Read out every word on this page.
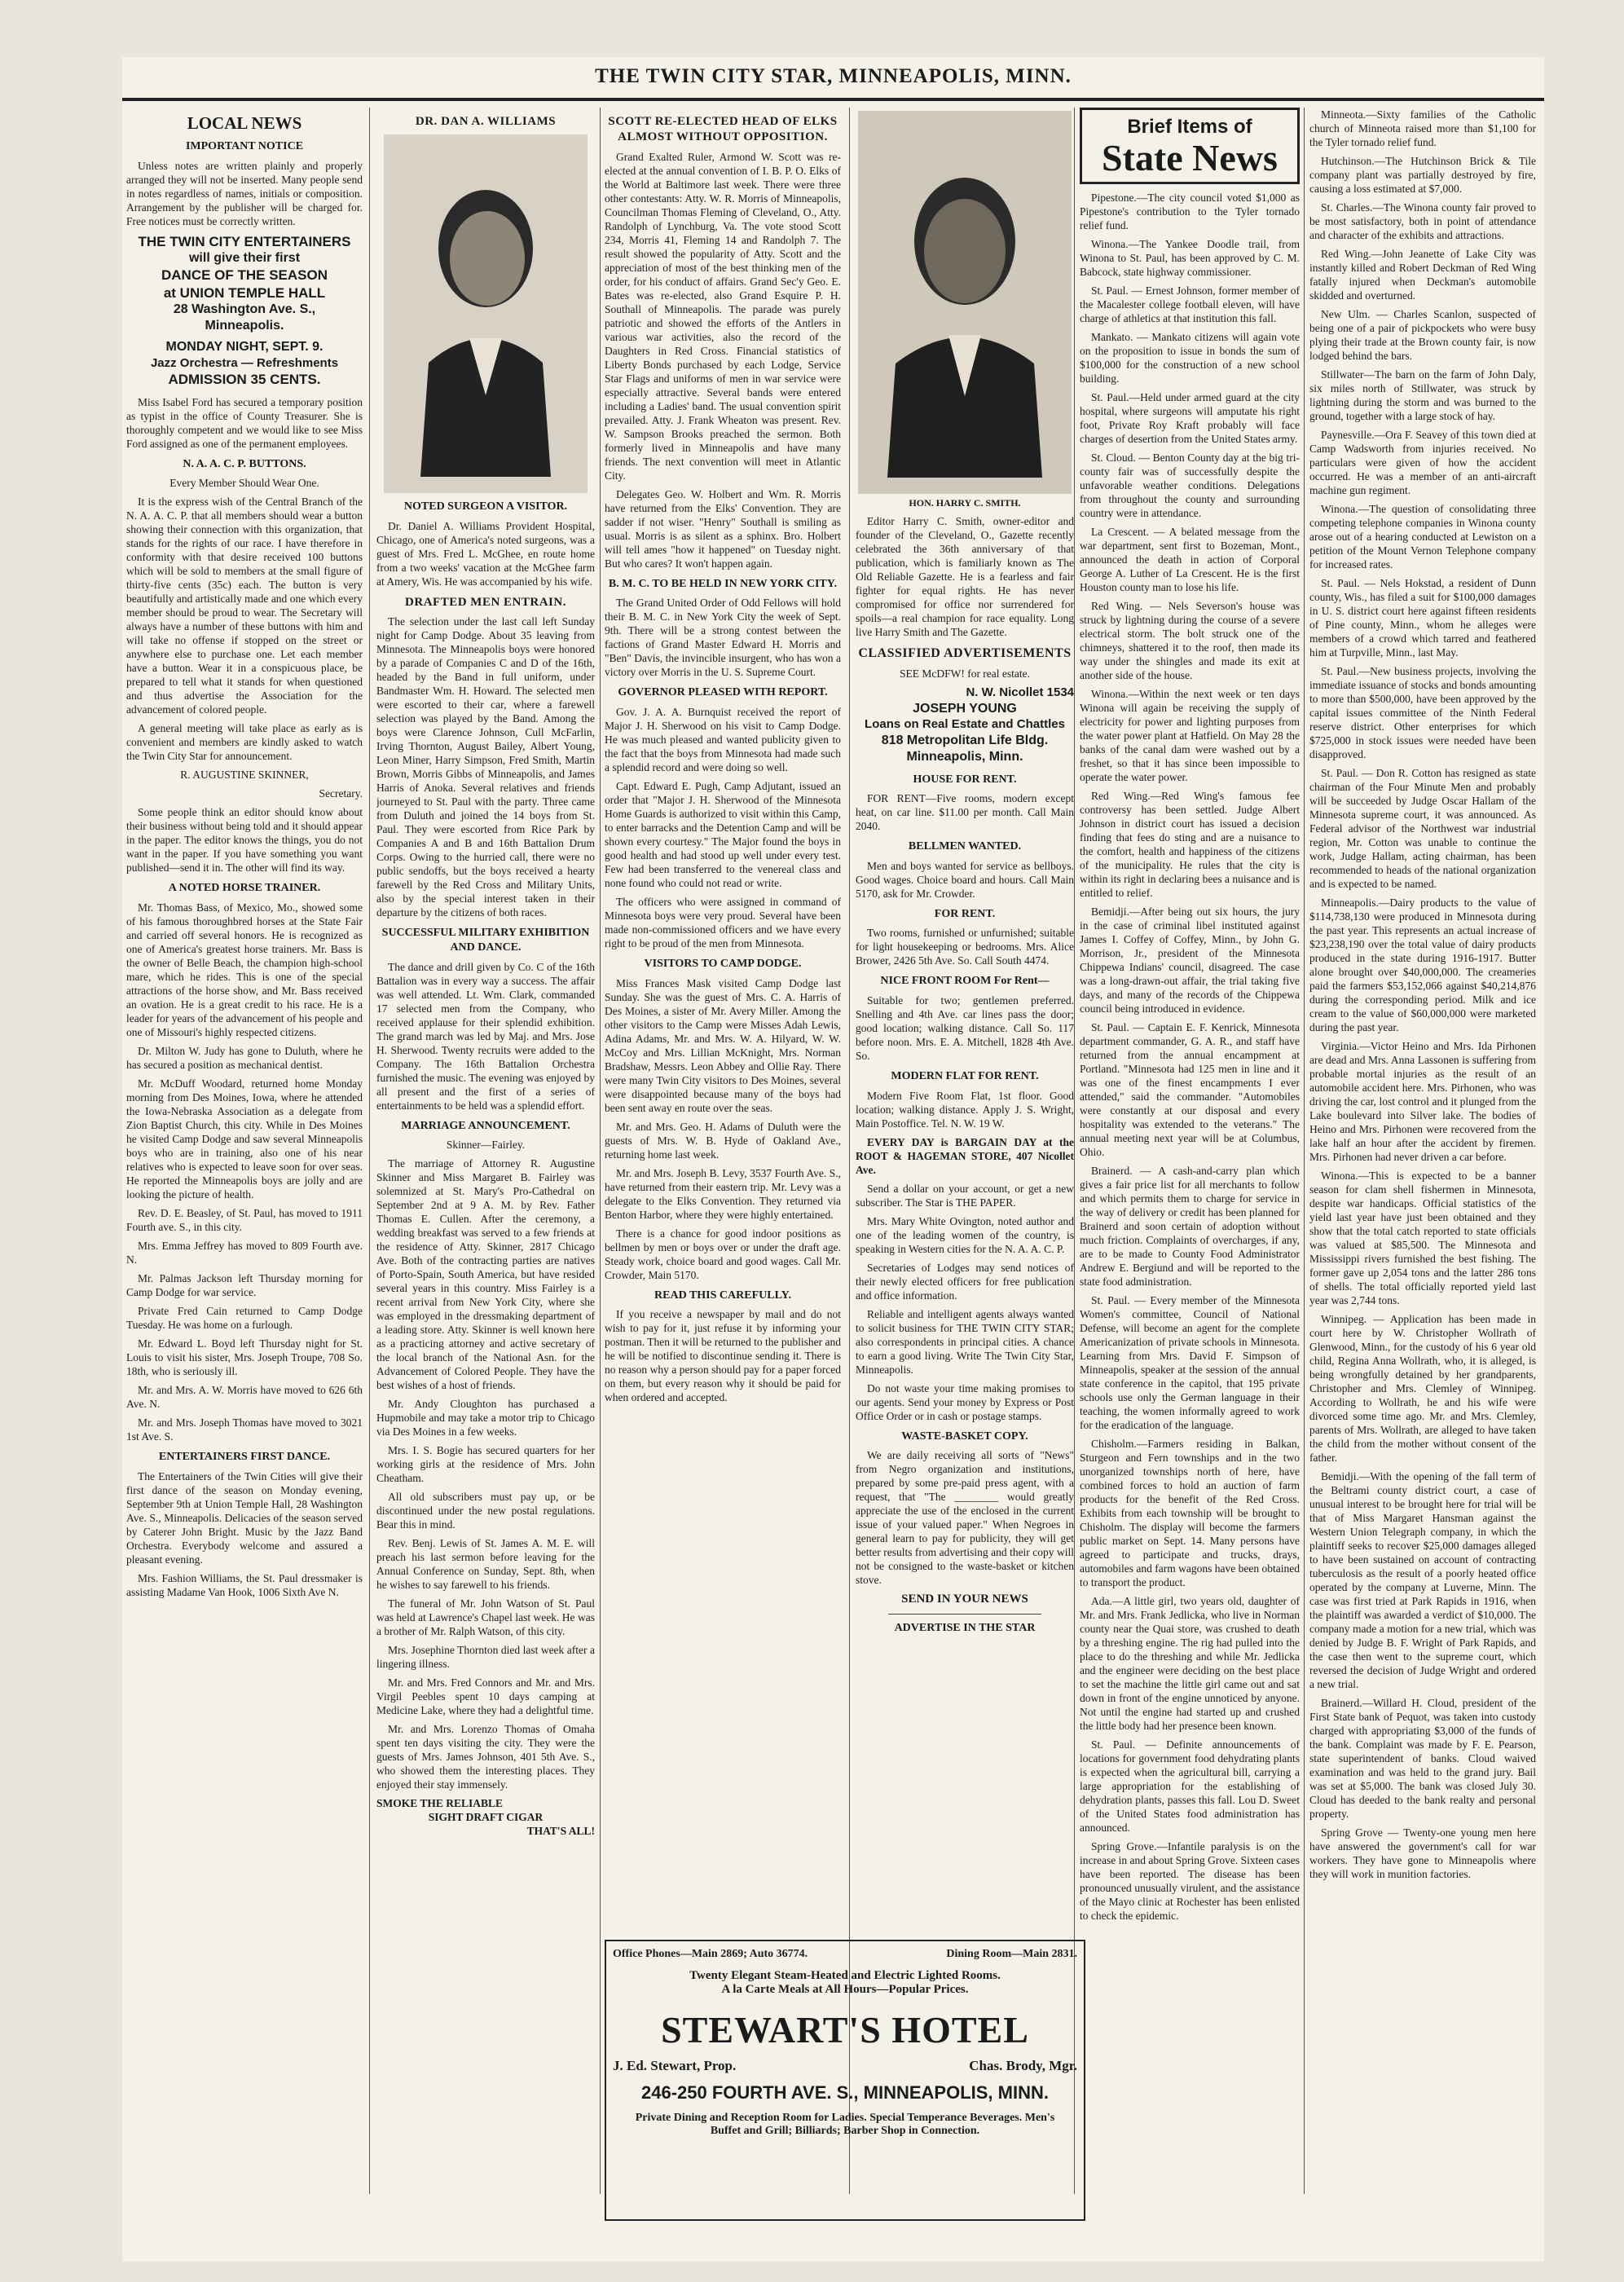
THE TWIN CITY STAR, MINNEAPOLIS, MINN.
LOCAL NEWS
IMPORTANT NOTICE

Unless notes are written plainly and properly arranged they will not be inserted. Many people send in notes regardless of names, initials or composition. Arrangement by the publisher will be charged for. Free notices must be correctly written.

THE TWIN CITY ENTERTAINERS
will give their first
DANCE OF THE SEASON
at UNION TEMPLE HALL
28 Washington Ave. S.,
Minneapolis.
MONDAY NIGHT, SEPT. 9.
Jazz Orchestra — Refreshments
ADMISSION 35 CENTS.

Miss Isabel Ford has secured a temporary position as typist in the office of County Treasurer. She is thoroughly competent and we would like to see Miss Ford assigned as one of the permanent employees.

N. A. A. C. P. BUTTONS.

Every Member Should Wear One.

It is the express wish of the Central Branch of the N. A. A. C. P. that all members should wear a button showing their connection with this organization, that stands for the rights of our race. I have therefore in conformity with that desire received 100 buttons which will be sold to members at the small figure of thirty-five cents (35c) each. The button is very beautifully and artistically made and one which every member should be proud to wear. The Secretary will always have a number of these buttons with him and will take no offense if stopped on the street or anywhere else to purchase one. Let each member have a button. Wear it in a conspicuous place, be prepared to tell what it stands for when questioned and thus advertise the Association for the advancement of colored people.

A general meeting will take place as early as is convenient and members are kindly asked to watch the Twin City Star for announcement.

R. AUGUSTINE SKINNER,

Secretary.

Some people think an editor should know about their business without being told and it should appear in the paper. The editor knows the things, you do not want in the paper. If you have something you want published—send it in. The other will find its way.

A NOTED HORSE TRAINER.

Mr. Thomas Bass, of Mexico, Mo., showed some of his famous thoroughbred horses at the State Fair and carried off several honors. He is recognized as one of America's greatest horse trainers. Mr. Bass is the owner of Belle Beach, the champion high-school mare, which he rides. This is one of the special attractions of the horse show, and Mr. Bass received an ovation. He is a great credit to his race. He is a leader for years of the advancement of his people and one of Missouri's highly respected citizens.

Dr. Milton W. Judy has gone to Duluth, where he has secured a position as mechanical dentist.

Mr. McDuff Woodard, returned home Monday morning from Des Moines, Iowa, where he attended the Iowa-Nebraska Association as a delegate from Zion Baptist Church, this city. While in Des Moines he visited Camp Dodge and saw several Minneapolis boys who are in training, also one of his near relatives who is expected to leave soon for over seas. He reported the Minneapolis boys are jolly and are looking the picture of health.

Rev. D. E. Beasley, of St. Paul, has moved to 1911 Fourth ave. S., in this city.

Mrs. Emma Jeffrey has moved to 809 Fourth ave. N.

Mr. Palmas Jackson left Thursday morning for Camp Dodge for war service.

Private Fred Cain returned to Camp Dodge Tuesday. He was home on a furlough.

Mr. Edward L. Boyd left Thursday night for St. Louis to visit his sister, Mrs. Joseph Troupe, 708 So. 18th, who is seriously ill.

Mr. and Mrs. A. W. Morris have moved to 626 6th Ave. N.

Mr. and Mrs. Joseph Thomas have moved to 3021 1st Ave. S.

ENTERTAINERS FIRST DANCE.

The Entertainers of the Twin Cities will give their first dance of the season on Monday evening, September 9th at Union Temple Hall, 28 Washington Ave. S., Minneapolis. Delicacies of the season served by Caterer John Bright. Music by the Jazz Band Orchestra. Everybody welcome and assured a pleasant evening.

Mrs. Fashion Williams, the St. Paul dressmaker is assisting Madame Van Hook, 1006 Sixth Ave N.

DR. DAN A. WILLIAMS
NOTED SURGEON A VISITOR.

Dr. Daniel A. Williams Provident Hospital, Chicago, one of America's noted surgeons, was a guest of Mrs. Fred L. McGhee, en route home from a two weeks' vacation at the McGhee farm at Amery, Wis. He was accompanied by his wife.

DRAFTED MEN ENTRAIN.

The selection under the last call left Sunday night for Camp Dodge. About 35 leaving from Minnesota. The Minneapolis boys were honored by a parade of Companies C and D of the 16th, headed by the Band in full uniform, under Bandmaster Wm. H. Howard. The selected men were escorted to their car, where a farewell selection was played by the Band. Among the boys were Clarence Johnson, Cull McFarlin, Irving Thornton, August Bailey, Albert Young, Leon Miner, Harry Simpson, Fred Smith, Martin Brown, Morris Gibbs of Minneapolis, and James Harris of Anoka. Several relatives and friends journeyed to St. Paul with the party. Three came from Duluth and joined the 14 boys from St. Paul. They were escorted from Rice Park by Companies A and B and 16th Battalion Drum Corps. Owing to the hurried call, there were no public sendoffs, but the boys received a hearty farewell by the Red Cross and Military Units, also by the special interest taken in their departure by the citizens of both races.

SUCCESSFUL MILITARY EXHIBITION AND DANCE.

The dance and drill given by Co. C of the 16th Battalion was in every way a success. The affair was well attended. Lt. Wm. Clark, commanded 17 selected men from the Company, who received applause for their splendid exhibition. The grand march was led by Maj. and Mrs. Jose H. Sherwood. Twenty recruits were added to the Company. The 16th Battalion Orchestra furnished the music. The evening was enjoyed by all present and the first of a series of entertainments to be held was a splendid effort.

MARRIAGE ANNOUNCEMENT.

Skinner—Fairley.

The marriage of Attorney R. Augustine Skinner and Miss Margaret B. Fairley was solemnized at St. Mary's Pro-Cathedral on September 2nd at 9 A. M. by Rev. Father Thomas E. Cullen. After the ceremony, a wedding breakfast was served to a few friends at the residence of Atty. Skinner, 2817 Chicago Ave. Both of the contracting parties are natives of Porto-Spain, South America, but have resided several years in this country. Miss Fairley is a recent arrival from New York City, where she was employed in the dressmaking department of a leading store. Atty. Skinner is well known here as a practicing attorney and active secretary of the local branch of the National Asn. for the Advancement of Colored People. They have the best wishes of a host of friends.

Mr. Andy Cloughton has purchased a Hupmobile and may take a motor trip to Chicago via Des Moines in a few weeks.

Mrs. I. S. Bogie has secured quarters for her working girls at the residence of Mrs. John Cheatham.

All old subscribers must pay up, or be discontinued under the new postal regulations. Bear this in mind.

Rev. Benj. Lewis of St. James A. M. E. will preach his last sermon before leaving for the Annual Conference on Sunday, Sept. 8th, when he wishes to say farewell to his friends.

The funeral of Mr. John Watson of St. Paul was held at Lawrence's Chapel last week. He was a brother of Mr. Ralph Watson, of this city.

Mrs. Josephine Thornton died last week after a lingering illness.

Mr. and Mrs. Fred Connors and Mr. and Mrs. Virgil Peebles spent 10 days camping at Medicine Lake, where they had a delightful time.

Mr. and Mrs. Lorenzo Thomas of Omaha spent ten days visiting the city. They were the guests of Mrs. James Johnson, 401 5th Ave. S., who showed them the interesting places. They enjoyed their stay immensely.

SMOKE THE RELIABLE
SIGHT DRAFT CIGAR
THAT'S ALL!
SCOTT RE-ELECTED HEAD OF ELKS ALMOST WITHOUT OPPOSITION.

Grand Exalted Ruler, Armond W. Scott was re-elected at the annual convention of I. B. P. O. Elks of the World at Baltimore last week. There were three other contestants: Atty. W. R. Morris of Minneapolis, Councilman Thomas Fleming of Cleveland, O., Atty. Randolph of Lynchburg, Va. The vote stood Scott 234, Morris 41, Fleming 14 and Randolph 7. The result showed the popularity of Atty. Scott and the appreciation of most of the best thinking men of the order, for his conduct of affairs. Grand Sec'y Geo. E. Bates was re-elected, also Grand Esquire P. H. Southall of Minneapolis. The parade was purely patriotic and showed the efforts of the Antlers in various war activities, also the record of the Daughters in Red Cross. Financial statistics of Liberty Bonds purchased by each Lodge, Service Star Flags and uniforms of men in war service were especially attractive. Several bands were entered including a Ladies' band. The usual convention spirit prevailed. Atty. J. Frank Wheaton was present. Rev. W. Sampson Brooks preached the sermon. Both formerly lived in Minneapolis and have many friends. The next convention will meet in Atlantic City.

Delegates Geo. W. Holbert and Wm. R. Morris have returned from the Elks' Convention. They are sadder if not wiser. "Henry" Southall is smiling as usual. Morris is as silent as a sphinx. Bro. Holbert will tell ames "how it happened" on Tuesday night. But who cares? It won't happen again.

B. M. C. TO BE HELD IN NEW YORK CITY.

The Grand United Order of Odd Fellows will hold their B. M. C. in New York City the week of Sept. 9th. There will be a strong contest between the factions of Grand Master Edward H. Morris and "Ben" Davis, the invincible insurgent, who has won a victory over Morris in the U. S. Supreme Court.

GOVERNOR PLEASED WITH REPORT.

Gov. J. A. A. Burnquist received the report of Major J. H. Sherwood on his visit to Camp Dodge. He was much pleased and wanted publicity given to the fact that the boys from Minnesota had made such a splendid record and were doing so well.

Capt. Edward E. Pugh, Camp Adjutant, issued an order that "Major J. H. Sherwood of the Minnesota Home Guards is authorized to visit within this Camp, to enter barracks and the Detention Camp and will be shown every courtesy." The Major found the boys in good health and had stood up well under every test. Few had been transferred to the venereal class and none found who could not read or write.

The officers who were assigned in command of Minnesota boys were very proud. Several have been made non-commissioned officers and we have every right to be proud of the men from Minnesota.

VISITORS TO CAMP DODGE.

Miss Frances Mask visited Camp Dodge last Sunday. She was the guest of Mrs. C. A. Harris of Des Moines, a sister of Mr. Avery Miller. Among the other visitors to the Camp were Misses Adah Lewis, Adina Adams, Mr. and Mrs. W. A. Hilyard, W. W. McCoy and Mrs. Lillian McKnight, Mrs. Norman Bradshaw, Messrs. Leon Abbey and Ollie Ray. There were many Twin City visitors to Des Moines, several were disappointed because many of the boys had been sent away en route over the seas.

Mr. and Mrs. Geo. H. Adams of Duluth were the guests of Mrs. W. B. Hyde of Oakland Ave., returning home last week.

Mr. and Mrs. Joseph B. Levy, 3537 Fourth Ave. S., have returned from their eastern trip. Mr. Levy was a delegate to the Elks Convention. They returned via Benton Harbor, where they were highly entertained.

There is a chance for good indoor positions as bellmen by men or boys over or under the draft age. Steady work, choice board and good wages. Call Mr. Crowder, Main 5170.

READ THIS CAREFULLY.

If you receive a newspaper by mail and do not wish to pay for it, just refuse it by informing your postman. Then it will be returned to the publisher and he will be notified to discontinue sending it. There is no reason why a person should pay for a paper forced on them, but every reason why it should be paid for when ordered and accepted.

HON. HARRY C. SMITH.

Editor Harry C. Smith, owner-editor and founder of the Cleveland, O., Gazette recently celebrated the 36th anniversary of that publication, which is familiarly known as The Old Reliable Gazette. He is a fearless and fair fighter for equal rights. He has never compromised for office nor surrendered for spoils—a real champion for race equality. Long live Harry Smith and The Gazette.

CLASSIFIED ADVERTISEMENTS

SEE McDFW! for real estate.

N. W. Nicollet 1534
JOSEPH YOUNG
Loans on Real Estate and Chattles
818 Metropolitan Life Bldg.
Minneapolis, Minn.
HOUSE FOR RENT.

FOR RENT—Five rooms, modern except heat, on car line. $11.00 per month. Call Main 2040.

BELLMEN WANTED.

Men and boys wanted for service as bellboys. Good wages. Choice board and hours. Call Main 5170, ask for Mr. Crowder.

FOR RENT.

Two rooms, furnished or unfurnished; suitable for light housekeeping or bedrooms. Mrs. Alice Brower, 2426 5th Ave. So. Call South 4474.

NICE FRONT ROOM For Rent—

Suitable for two; gentlemen preferred. Snelling and 4th Ave. car lines pass the door; good location; walking distance. Call So. 117 before noon. Mrs. E. A. Mitchell, 1828 4th Ave. So.

MODERN FLAT FOR RENT.

Modern Five Room Flat, 1st floor. Good location; walking distance. Apply J. S. Wright, Main Postoffice. Tel. N. W. 19 W.

EVERY DAY is BARGAIN DAY at the ROOT & HAGEMAN STORE, 407 Nicollet Ave.

Send a dollar on your account, or get a new subscriber. The Star is THE PAPER.

Mrs. Mary White Ovington, noted author and one of the leading women of the country, is speaking in Western cities for the N. A. A. C. P.

Secretaries of Lodges may send notices of their newly elected officers for free publication and office information.

Reliable and intelligent agents always wanted to solicit business for THE TWIN CITY STAR; also correspondents in principal cities. A chance to earn a good living. Write The Twin City Star, Minneapolis.

Do not waste your time making promises to our agents. Send your money by Express or Post Office Order or in cash or postage stamps.

WASTE-BASKET COPY.

We are daily receiving all sorts of "News" from Negro organization and institutions, prepared by some pre-paid press agent, with a request, that "The ________ would greatly appreciate the use of the enclosed in the current issue of your valued paper." When Negroes in general learn to pay for publicity, they will get better results from advertising and their copy will not be consigned to the waste-basket or kitchen stove.

SEND IN YOUR NEWS
ADVERTISE IN THE STAR
Brief Items of
State News

Pipestone.—The city council voted $1,000 as Pipestone's contribution to the Tyler tornado relief fund.

Winona.—The Yankee Doodle trail, from Winona to St. Paul, has been approved by C. M. Babcock, state highway commissioner.

St. Paul. — Ernest Johnson, former member of the Macalester college football eleven, will have charge of athletics at that institution this fall.

Mankato. — Mankato citizens will again vote on the proposition to issue in bonds the sum of $100,000 for the construction of a new school building.

St. Paul.—Held under armed guard at the city hospital, where surgeons will amputate his right foot, Private Roy Kraft probably will face charges of desertion from the United States army.

St. Cloud. — Benton County day at the big tri-county fair was of successfully despite the unfavorable weather conditions. Delegations from throughout the county and surrounding country were in attendance.

La Crescent. — A belated message from the war department, sent first to Bozeman, Mont., announced the death in action of Corporal George A. Luther of La Crescent. He is the first Houston county man to lose his life.

Red Wing. — Nels Severson's house was struck by lightning during the course of a severe electrical storm. The bolt struck one of the chimneys, shattered it to the roof, then made its way under the shingles and made its exit at another side of the house.

Winona.—Within the next week or ten days Winona will again be receiving the supply of electricity for power and lighting purposes from the water power plant at Hatfield. On May 28 the banks of the canal dam were washed out by a freshet, so that it has since been impossible to operate the water power.

Red Wing.—Red Wing's famous fee controversy has been settled. Judge Albert Johnson in district court has issued a decision finding that fees do sting and are a nuisance to the comfort, health and happiness of the citizens of the municipality. He rules that the city is within its right in declaring bees a nuisance and is entitled to relief.

Bemidji.—After being out six hours, the jury in the case of criminal libel instituted against James I. Coffey of Coffey, Minn., by John G. Morrison, Jr., president of the Minnesota Chippewa Indians' council, disagreed. The case was a long-drawn-out affair, the trial taking five days, and many of the records of the Chippewa council being introduced in evidence.

St. Paul. — Captain E. F. Kenrick, Minnesota department commander, G. A. R., and staff have returned from the annual encampment at Portland. "Minnesota had 125 men in line and it was one of the finest encampments I ever attended," said the commander. "Automobiles were constantly at our disposal and every hospitality was extended to the veterans." The annual meeting next year will be at Columbus, Ohio.

Brainerd. — A cash-and-carry plan which gives a fair price list for all merchants to follow and which permits them to charge for service in the way of delivery or credit has been planned for Brainerd and soon certain of adoption without much friction. Complaints of overcharges, if any, are to be made to County Food Administrator Andrew E. Bergiund and will be reported to the state food administration.

St. Paul. — Every member of the Minnesota Women's committee, Council of National Defense, will become an agent for the complete Americanization of private schools in Minnesota. Learning from Mrs. David F. Simpson of Minneapolis, speaker at the session of the annual state conference in the capitol, that 195 private schools use only the German language in their teaching, the women informally agreed to work for the eradication of the language.

Chisholm.—Farmers residing in Balkan, Sturgeon and Fern townships and in the two unorganized townships north of here, have combined forces to hold an auction of farm products for the benefit of the Red Cross. Exhibits from each township will be brought to Chisholm. The display will become the farmers public market on Sept. 14. Many persons have agreed to participate and trucks, drays, automobiles and farm wagons have been obtained to transport the product.

Ada.—A little girl, two years old, daughter of Mr. and Mrs. Frank Jedlicka, who live in Norman county near the Quai store, was crushed to death by a threshing engine. The rig had pulled into the place to do the threshing and while Mr. Jedlicka and the engineer were deciding on the best place to set the machine the little girl came out and sat down in front of the engine unnoticed by anyone. Not until the engine had started up and crushed the little body had her presence been known.

St. Paul. — Definite announcements of locations for government food dehydrating plants is expected when the agricultural bill, carrying a large appropriation for the establishing of dehydration plants, passes this fall. Lou D. Sweet of the United States food administration has announced.

Spring Grove.—Infantile paralysis is on the increase in and about Spring Grove. Sixteen cases have been reported. The disease has been pronounced unusually virulent, and the assistance of the Mayo clinic at Rochester has been enlisted to check the epidemic.

Minneota.—Sixty families of the Catholic church of Minneota raised more than $1,100 for the Tyler tornado relief fund.

Hutchinson.—The Hutchinson Brick & Tile company plant was partially destroyed by fire, causing a loss estimated at $7,000.

St. Charles.—The Winona county fair proved to be most satisfactory, both in point of attendance and character of the exhibits and attractions.

Red Wing.—John Jeanette of Lake City was instantly killed and Robert Deckman of Red Wing fatally injured when Deckman's automobile skidded and overturned.

New Ulm. — Charles Scanlon, suspected of being one of a pair of pickpockets who were busy plying their trade at the Brown county fair, is now lodged behind the bars.

Stillwater—The barn on the farm of John Daly, six miles north of Stillwater, was struck by lightning during the storm and was burned to the ground, together with a large stock of hay.

Paynesville.—Ora F. Seavey of this town died at Camp Wadsworth from injuries received. No particulars were given of how the accident occurred. He was a member of an anti-aircraft machine gun regiment.

Winona.—The question of consolidating three competing telephone companies in Winona county arose out of a hearing conducted at Lewiston on a petition of the Mount Vernon Telephone company for increased rates.

St. Paul. — Nels Hokstad, a resident of Dunn county, Wis., has filed a suit for $100,000 damages in U. S. district court here against fifteen residents of Pine county, Minn., whom he alleges were members of a crowd which tarred and feathered him at Turpville, Minn., last May.

St. Paul.—New business projects, involving the immediate issuance of stocks and bonds amounting to more than $500,000, have been approved by the capital issues committee of the Ninth Federal reserve district. Other enterprises for which $725,000 in stock issues were needed have been disapproved.

St. Paul. — Don R. Cotton has resigned as state chairman of the Four Minute Men and probably will be succeeded by Judge Oscar Hallam of the Minnesota supreme court, it was announced. As Federal advisor of the Northwest war industrial region, Mr. Cotton was unable to continue the work, Judge Hallam, acting chairman, has been recommended to heads of the national organization and is expected to be named.

Minneapolis.—Dairy products to the value of $114,738,130 were produced in Minnesota during the past year. This represents an actual increase of $23,238,190 over the total value of dairy products produced in the state during 1916-1917. Butter alone brought over $40,000,000. The creameries paid the farmers $53,152,066 against $40,214,876 during the corresponding period. Milk and ice cream to the value of $60,000,000 were marketed during the past year.

Virginia.—Victor Heino and Mrs. Ida Pirhonen are dead and Mrs. Anna Lassonen is suffering from probable mortal injuries as the result of an automobile accident here. Mrs. Pirhonen, who was driving the car, lost control and it plunged from the Lake boulevard into Silver lake. The bodies of Heino and Mrs. Pirhonen were recovered from the lake half an hour after the accident by firemen. Mrs. Pirhonen had never driven a car before.

Winona.—This is expected to be a banner season for clam shell fishermen in Minnesota, despite war handicaps. Official statistics of the yield last year have just been obtained and they show that the total catch reported to state officials was valued at $85,500. The Minnesota and Mississippi rivers furnished the best fishing. The former gave up 2,054 tons and the latter 286 tons of shells. The total officially reported yield last year was 2,744 tons.

Winnipeg. — Application has been made in court here by W. Christopher Wollrath of Glenwood, Minn., for the custody of his 6 year old child, Regina Anna Wollrath, who, it is alleged, is being wrongfully detained by her grandparents, Christopher and Mrs. Clemley of Winnipeg. According to Wollrath, he and his wife were divorced some time ago. Mr. and Mrs. Clemley, parents of Mrs. Wollrath, are alleged to have taken the child from the mother without consent of the father.

Bemidji.—With the opening of the fall term of the Beltrami county district court, a case of unusual interest to be brought here for trial will be that of Miss Margaret Hansman against the Western Union Telegraph company, in which the plaintiff seeks to recover $25,000 damages alleged to have been sustained on account of contracting tuberculosis as the result of a poorly heated office operated by the company at Luverne, Minn. The case was first tried at Park Rapids in 1916, when the plaintiff was awarded a verdict of $10,000. The company made a motion for a new trial, which was denied by Judge B. F. Wright of Park Rapids, and the case then went to the supreme court, which reversed the decision of Judge Wright and ordered a new trial.

Brainerd.—Willard H. Cloud, president of the First State bank of Pequot, was taken into custody charged with appropriating $3,000 of the funds of the bank. Complaint was made by F. E. Pearson, state superintendent of banks. Cloud waived examination and was held to the grand jury. Bail was set at $5,000. The bank was closed July 30. Cloud has deeded to the bank realty and personal property.

Spring Grove — Twenty-one young men here have answered the government's call for war workers. They have gone to Minneapolis where they will work in munition factories.

Office Phones—Main 2869; Auto 36774.	Dining Room—Main 2831.
Twenty Elegant Steam-Heated and Electric Lighted Rooms.
A la Carte Meals at All Hours—Popular Prices.
STEWART'S HOTEL
J. Ed. Stewart, Prop.	Chas. Brody, Mgr.
246-250 FOURTH AVE. S., MINNEAPOLIS, MINN.
Private Dining and Reception Room for Ladies. Special Temperance Beverages. Men's Buffet and Grill; Billiards; Barber Shop in Connection.
